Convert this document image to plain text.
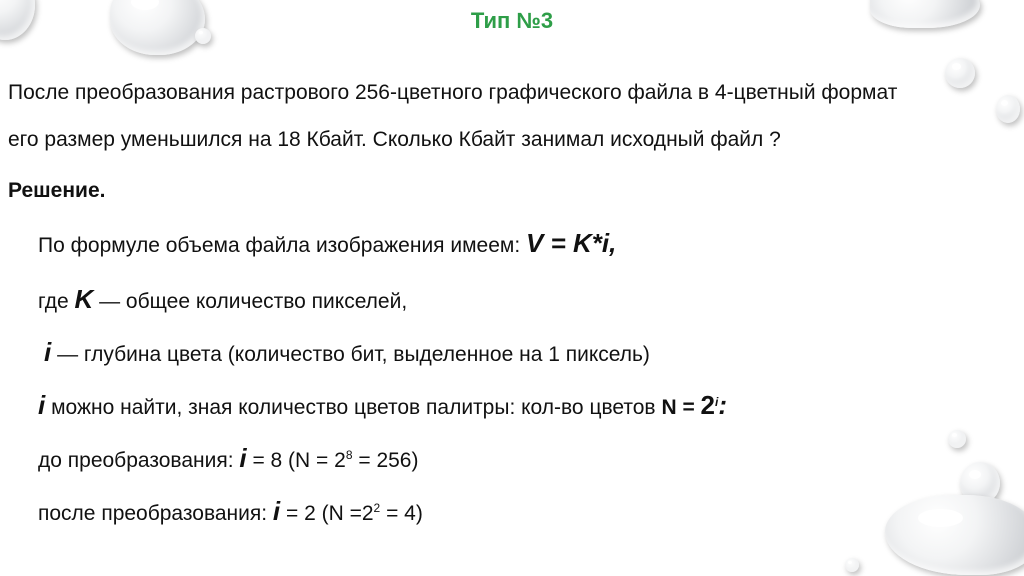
Тип №3
После преобразования растрового 256-цветного графического файла в 4-цветный формат
его размер уменьшился на 18 Кбайт. Сколько Кбайт занимал исходный файл ?
Решение.
По формуле объема файла изображения имеем: V = K*i,
где K — общее количество пикселей,
i — глубина цвета (количество бит, выделенное на 1 пиксель)
i можно найти, зная количество цветов палитры: кол-во цветов $N = 2^i$:
до преобразования: i = 8 $(N = 2^8 = 256)$
после преобразования: i = 2 $(N =2^2 = 4)$
